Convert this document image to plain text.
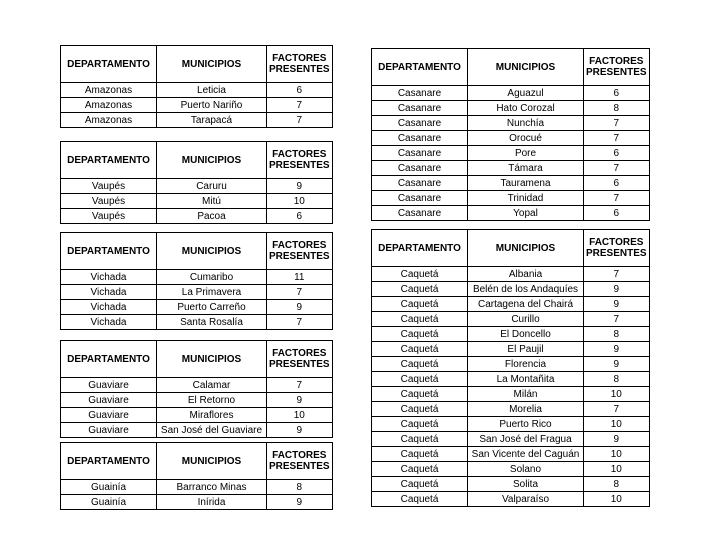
DEPARTAMENTO	MUNICIPIOS	FACTORES PRESENTES
Amazonas	Leticia	6
Amazonas	Puerto Nariño	7
Amazonas	Tarapacá	7
DEPARTAMENTO	MUNICIPIOS	FACTORES PRESENTES
Vaupés	Caruru	9
Vaupés	Mitú	10
Vaupés	Pacoa	6
DEPARTAMENTO	MUNICIPIOS	FACTORES PRESENTES
Vichada	Cumaribo	11
Vichada	La Primavera	7
Vichada	Puerto Carreño	9
Vichada	Santa Rosalía	7
DEPARTAMENTO	MUNICIPIOS	FACTORES PRESENTES
Guaviare	Calamar	7
Guaviare	El Retorno	9
Guaviare	Miraflores	10
Guaviare	San José del Guaviare	9
DEPARTAMENTO	MUNICIPIOS	FACTORES PRESENTES
Guainía	Barranco Minas	8
Guainía	Inírida	9
DEPARTAMENTO	MUNICIPIOS	FACTORES PRESENTES
Casanare	Aguazul	6
Casanare	Hato Corozal	8
Casanare	Nunchía	7
Casanare	Orocué	7
Casanare	Pore	6
Casanare	Támara	7
Casanare	Tauramena	6
Casanare	Trinidad	7
Casanare	Yopal	6
DEPARTAMENTO	MUNICIPIOS	FACTORES PRESENTES
Caquetá	Albania	7
Caquetá	Belén de los Andaquíes	9
Caquetá	Cartagena del Chairá	9
Caquetá	Curillo	7
Caquetá	El Doncello	8
Caquetá	El Paujil	9
Caquetá	Florencia	9
Caquetá	La Montañita	8
Caquetá	Milán	10
Caquetá	Morelia	7
Caquetá	Puerto Rico	10
Caquetá	San José del Fragua	9
Caquetá	San Vicente del Caguán	10
Caquetá	Solano	10
Caquetá	Solita	8
Caquetá	Valparaíso	10
